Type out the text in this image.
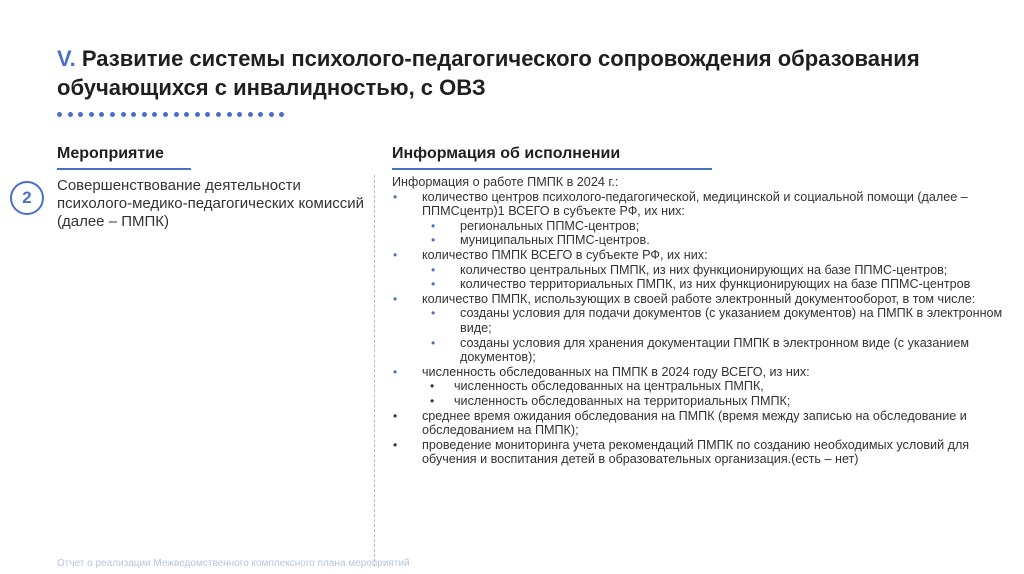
V. Развитие системы психолого-педагогического сопровождения образования обучающихся с инвалидностью, с ОВЗ
Мероприятие	Информация об исполнении
2
Совершенствование деятельности психолого-медико-педагогических комиссий (далее – ПМПК)

Информация о работе ПМПК в 2024 г.:

• количество центров психолого-педагогической, медицинской и социальной помощи (далее – ППМСцентр)1 ВСЕГО в субъекте РФ, их них:
• региональных ППМС-центров;
• муниципальных ППМС-центров.
• количество ПМПК ВСЕГО в субъекте РФ, их них:
• количество центральных ПМПК, из них функционирующих на базе ППМС-центров;
• количество территориальных ПМПК, из них функционирующих на базе ППМС-центров
• количество ПМПК, использующих в своей работе электронный документооборот, в том числе:
• созданы условия для подачи документов (с указанием документов) на ПМПК в электронном виде;
• созданы условия для хранения документации ПМПК в электронном виде (с указанием документов);
• численность обследованных на ПМПК в 2024 году ВСЕГО, из них:
• численность обследованных на центральных ПМПК,
• численность обследованных на территориальных ПМПК;
• среднее время ожидания обследования на ПМПК (время между записью на обследование и обследованием на ПМПК);
• проведение мониторинга учета рекомендаций ПМПК по созданию необходимых условий для обучения и воспитания детей в образовательных организация.(есть – нет)
Отчет о реализации Межведомственного комплексного плана мероприятий
